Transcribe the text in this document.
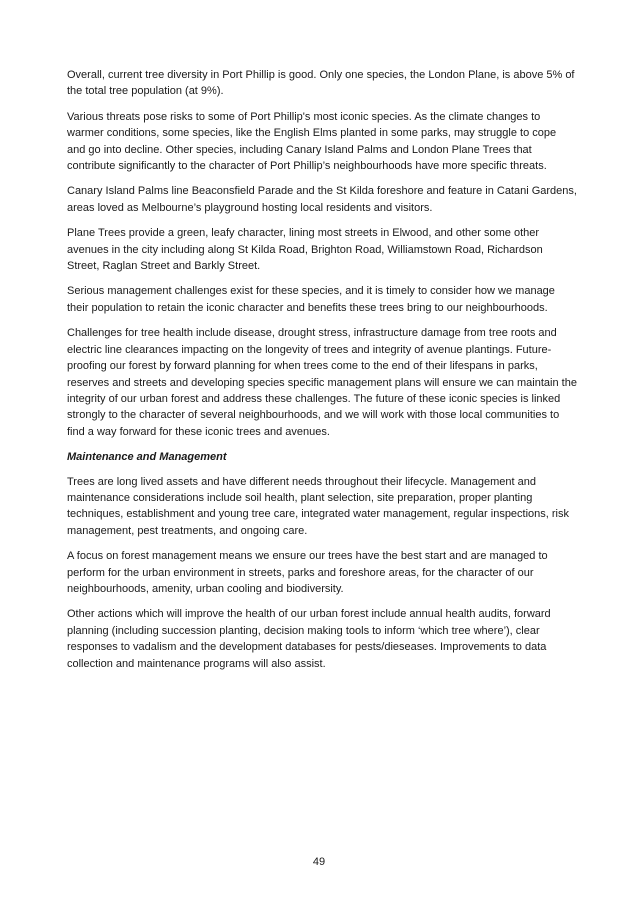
Overall, current tree diversity in Port Phillip is good. Only one species, the London Plane, is above 5% of the total tree population (at 9%).

Various threats pose risks to some of Port Phillip's most iconic species. As the climate changes to warmer conditions, some species, like the English Elms planted in some parks, may struggle to cope and go into decline. Other species, including Canary Island Palms and London Plane Trees that contribute significantly to the character of Port Phillip’s neighbourhoods have more specific threats.

Canary Island Palms line Beaconsfield Parade and the St Kilda foreshore and feature in Catani Gardens, areas loved as Melbourne’s playground hosting local residents and visitors.

Plane Trees provide a green, leafy character, lining most streets in Elwood, and other some other avenues in the city including along St Kilda Road, Brighton Road, Williamstown Road, Richardson Street, Raglan Street and Barkly Street.

Serious management challenges exist for these species, and it is timely to consider how we manage their population to retain the iconic character and benefits these trees bring to our neighbourhoods.

Challenges for tree health include disease, drought stress, infrastructure damage from tree roots and electric line clearances impacting on the longevity of trees and integrity of avenue plantings. Future-proofing our forest by forward planning for when trees come to the end of their lifespans in parks, reserves and streets and developing species specific management plans will ensure we can maintain the integrity of our urban forest and address these challenges. The future of these iconic species is linked strongly to the character of several neighbourhoods, and we will work with those local communities to find a way forward for these iconic trees and avenues.

Maintenance and Management

Trees are long lived assets and have different needs throughout their lifecycle. Management and maintenance considerations include soil health, plant selection, site preparation, proper planting techniques, establishment and young tree care, integrated water management, regular inspections, risk management, pest treatments, and ongoing care.

A focus on forest management means we ensure our trees have the best start and are managed to perform for the urban environment in streets, parks and foreshore areas, for the character of our neighbourhoods, amenity, urban cooling and biodiversity.

Other actions which will improve the health of our urban forest include annual health audits, forward planning (including succession planting, decision making tools to inform ‘which tree where’), clear responses to vadalism and the development databases for pests/dieseases. Improvements to data collection and maintenance programs will also assist.

49
